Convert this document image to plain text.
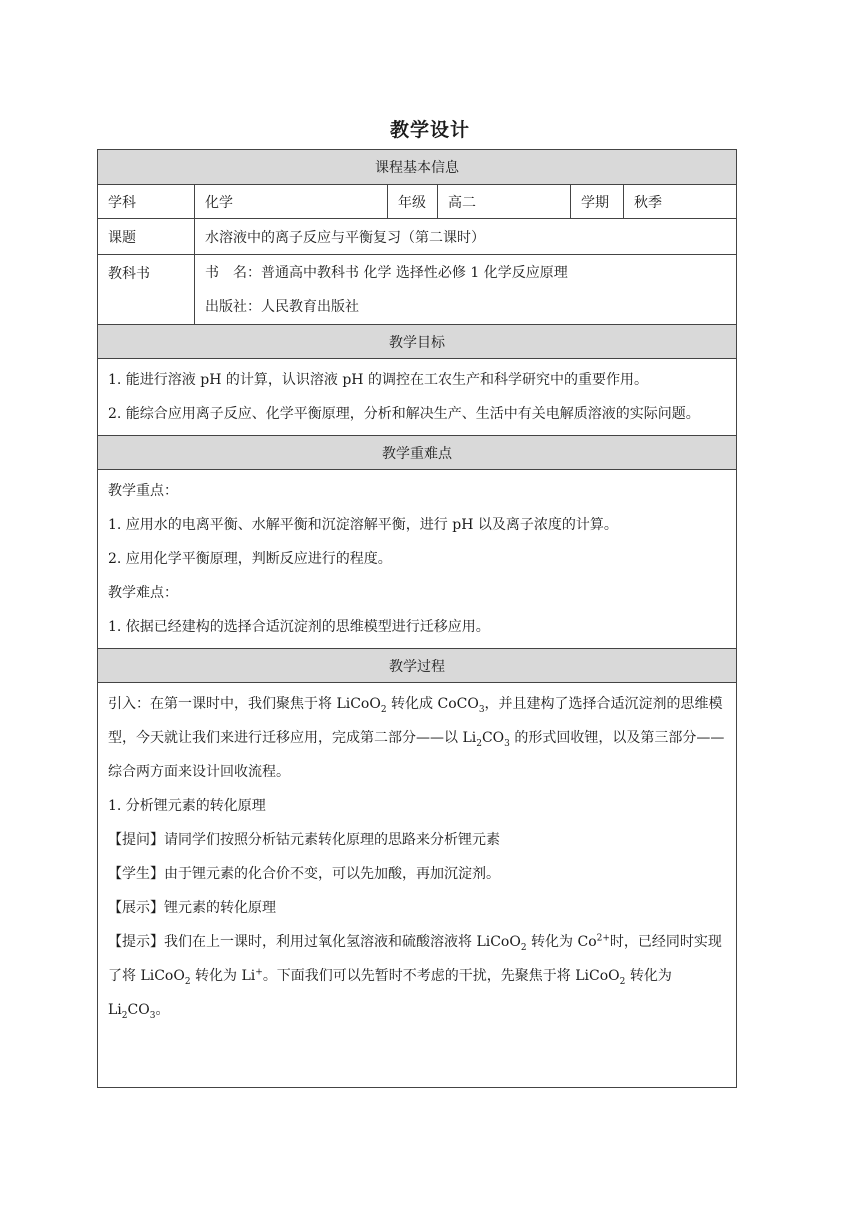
教学设计
课程基本信息
学科	化学	年级	高二	学期	秋季
课题	水溶液中的离子反应与平衡复习（第二课时）
教科书	书　名：普通高中教科书 化学 选择性必修 1 化学反应原理
出版社：人民教育出版社
教学目标

1. 能进行溶液 pH 的计算，认识溶液 pH 的调控在工农生产和科学研究中的重要作用。

2. 能综合应用离子反应、化学平衡原理，分析和解决生产、生活中有关电解质溶液的实际问题。

教学重难点

教学重点：

1. 应用水的电离平衡、水解平衡和沉淀溶解平衡，进行 pH 以及离子浓度的计算。

2. 应用化学平衡原理，判断反应进行的程度。

教学难点：

1. 依据已经建构的选择合适沉淀剂的思维模型进行迁移应用。

教学过程

引入：在第一课时中，我们聚焦于将 LiCoO$_2$ 转化成 CoCO$_3$，并且建构了选择合适沉淀剂的思维模型，今天就让我们来进行迁移应用，完成第二部分——以 $Li_2CO_3$ 的形式回收锂，以及第三部分——综合两方面来设计回收流程。

1. 分析锂元素的转化原理

【提问】请同学们按照分析钴元素转化原理的思路来分析锂元素

【学生】由于锂元素的化合价不变，可以先加酸，再加沉淀剂。

【展示】锂元素的转化原理

【提示】我们在上一课时，利用过氧化氢溶液和硫酸溶液将 LiCoO$_2$ 转化为 $Co^{2+}$时，已经同时实现了将 LiCoO$_2$ 转化为 Li+。下面我们可以先暂时不考虑的干扰，先聚焦于将 LiCoO$_2$ 转化为 $Li_2CO_3$。
